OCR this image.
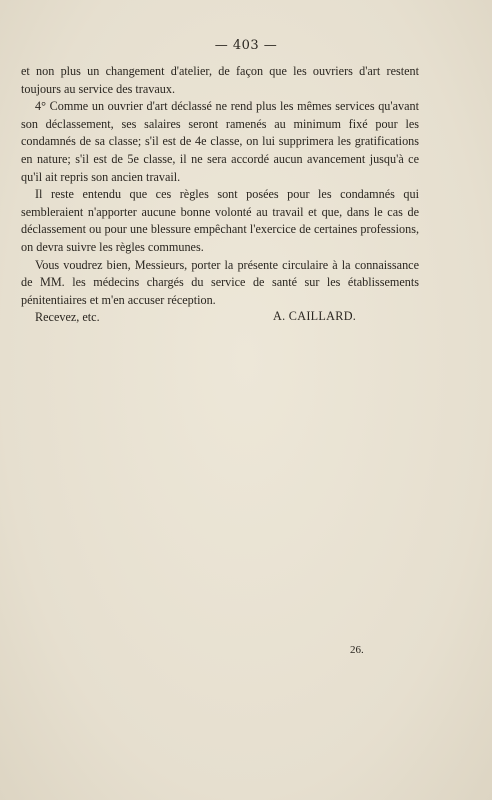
— 403 —

et non plus un changement d'atelier, de façon que les ouvriers d'art restent toujours au service des travaux.

4° Comme un ouvrier d'art déclassé ne rend plus les mêmes services qu'avant son déclassement, ses salaires seront ramenés au minimum fixé pour les condamnés de sa classe; s'il est de 4e classe, on lui supprimera les gratifications en nature; s'il est de 5e classe, il ne sera accordé aucun avancement jusqu'à ce qu'il ait repris son ancien travail.

Il reste entendu que ces règles sont posées pour les condamnés qui sembleraient n'apporter aucune bonne volonté au travail et que, dans le cas de déclassement ou pour une blessure empêchant l'exercice de certaines professions, on devra suivre les règles communes.

Vous voudrez bien, Messieurs, porter la présente circulaire à la connaissance de MM. les médecins chargés du service de santé sur les établissements pénitentiaires et m'en accuser réception.

Recevez, etc.	A. CAILLARD.
26.
